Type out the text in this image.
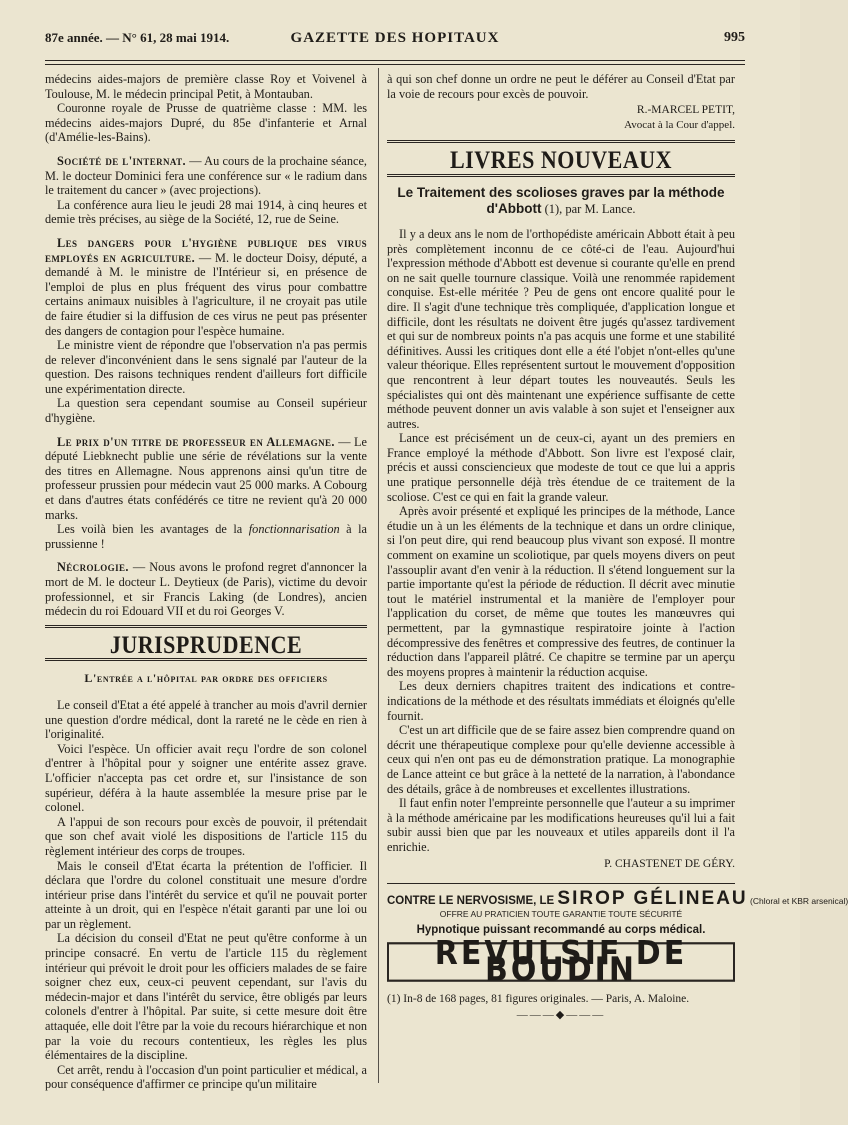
87e année. — N° 61, 28 mai 1914.	GAZETTE DES HOPITAUX	995

médecins aides-majors de première classe Roy et Voivenel à Toulouse, M. le médecin principal Petit, à Montauban.

Couronne royale de Prusse de quatrième classe : MM. les médecins aides-majors Dupré, du 85e d'infanterie et Arnal (d'Amélie-les-Bains).

Société de l'internat. — Au cours de la prochaine séance, M. le docteur Dominici fera une conférence sur « le radium dans le traitement du cancer » (avec projections).

La conférence aura lieu le jeudi 28 mai 1914, à cinq heures et demie très précises, au siège de la Société, 12, rue de Seine.

Les dangers pour l'hygiène publique des virus employés en agriculture. — M. le docteur Doisy, député, a demandé à M. le ministre de l'Intérieur si, en présence de l'emploi de plus en plus fréquent des virus pour combattre certains animaux nuisibles à l'agriculture, il ne croyait pas utile de faire étudier si la diffusion de ces virus ne peut pas présenter des dangers de contagion pour l'espèce humaine.

Le ministre vient de répondre que l'observation n'a pas permis de relever d'inconvénient dans le sens signalé par l'auteur de la question. Des raisons techniques rendent d'ailleurs fort difficile une expérimentation directe.

La question sera cependant soumise au Conseil supérieur d'hygiène.

Le prix d'un titre de professeur en Allemagne. — Le député Liebknecht publie une série de révélations sur la vente des titres en Allemagne. Nous apprenons ainsi qu'un titre de professeur prussien pour médecin vaut 25 000 marks. A Cobourg et dans d'autres états confédérés ce titre ne revient qu'à 20 000 marks.

Les voilà bien les avantages de la fonctionnarisation à la prussienne !

Nécrologie. — Nous avons le profond regret d'annoncer la mort de M. le docteur L. Deytieux (de Paris), victime du devoir professionnel, et sir Francis Laking (de Londres), ancien médecin du roi Edouard VII et du roi Georges V.

JURISPRUDENCE
L'entrée a l'hôpital par ordre des officiers

Le conseil d'Etat a été appelé à trancher au mois d'avril dernier une question d'ordre médical, dont la rareté ne le cède en rien à l'originalité.

Voici l'espèce. Un officier avait reçu l'ordre de son colonel d'entrer à l'hôpital pour y soigner une entérite assez grave. L'officier n'accepta pas cet ordre et, sur l'insistance de son supérieur, déféra à la haute assemblée la mesure prise par le colonel.

A l'appui de son recours pour excès de pouvoir, il prétendait que son chef avait violé les dispositions de l'article 115 du règlement intérieur des corps de troupes.

Mais le conseil d'Etat écarta la prétention de l'officier. Il déclara que l'ordre du colonel constituait une mesure d'ordre intérieur prise dans l'intérêt du service et qu'il ne pouvait porter atteinte à un droit, qui en l'espèce n'était garanti par une loi ou par un règlement.

La décision du conseil d'Etat ne peut qu'être conforme à un principe consacré. En vertu de l'article 115 du règlement intérieur qui prévoit le droit pour les officiers malades de se faire soigner chez eux, ceux-ci peuvent cependant, sur l'avis du médecin-major et dans l'intérêt du service, être obligés par leurs colonels d'entrer à l'hôpital. Par suite, si cette mesure doit être attaquée, elle doit l'être par la voie du recours hiérarchique et non par la voie du recours contentieux, les règles les plus élémentaires de la discipline.

Cet arrêt, rendu à l'occasion d'un point particulier et médical, a pour conséquence d'affirmer ce principe qu'un militaire

à qui son chef donne un ordre ne peut le déférer au Conseil d'Etat par la voie de recours pour excès de pouvoir.

R.-MARCEL PETIT,
Avocat à la Cour d'appel.
LIVRES NOUVEAUX
Le Traitement des scolioses graves par la méthode d'Abbott (1), par M. Lance.

Il y a deux ans le nom de l'orthopédiste américain Abbott était à peu près complètement inconnu de ce côté-ci de l'eau. Aujourd'hui l'expression méthode d'Abbott est devenue si courante qu'elle en prend on ne sait quelle tournure classique. Voilà une renommée rapidement conquise. Est-elle méritée ? Peu de gens ont encore qualité pour le dire. Il s'agit d'une technique très compliquée, d'application longue et difficile, dont les résultats ne doivent être jugés qu'assez tardivement et qui sur de nombreux points n'a pas acquis une forme et une stabilité définitives. Aussi les critiques dont elle a été l'objet n'ont-elles qu'une valeur théorique. Elles représentent surtout le mouvement d'opposition que rencontrent à leur départ toutes les nouveautés. Seuls les spécialistes qui ont dès maintenant une expérience suffisante de cette méthode peuvent donner un avis valable à son sujet et l'enseigner aux autres.

Lance est précisément un de ceux-ci, ayant un des premiers en France employé la méthode d'Abbott. Son livre est l'exposé clair, précis et aussi consciencieux que modeste de tout ce que lui a appris une pratique personnelle déjà très étendue de ce traitement de la scoliose. C'est ce qui en fait la grande valeur.

Après avoir présenté et expliqué les principes de la méthode, Lance étudie un à un les éléments de la technique et dans un ordre clinique, si l'on peut dire, qui rend beaucoup plus vivant son exposé. Il montre comment on examine un scoliotique, par quels moyens divers on peut l'assouplir avant d'en venir à la réduction. Il s'étend longuement sur la partie importante qu'est la période de réduction. Il décrit avec minutie tout le matériel instrumental et la manière de l'employer pour l'application du corset, de même que toutes les manœuvres qui permettent, par la gymnastique respiratoire jointe à l'action décompressive des fenêtres et compressive des feutres, de continuer la réduction dans l'appareil plâtré. Ce chapitre se termine par un aperçu des moyens propres à maintenir la réduction acquise.

Les deux derniers chapitres traitent des indications et contre-indications de la méthode et des résultats immédiats et éloignés qu'elle fournit.

C'est un art difficile que de se faire assez bien comprendre quand on décrit une thérapeutique complexe pour qu'elle devienne accessible à ceux qui n'en ont pas eu de démonstration pratique. La monographie de Lance atteint ce but grâce à la netteté de la narration, à l'abondance des détails, grâce à de nombreuses et excellentes illustrations.

Il faut enfin noter l'empreinte personnelle que l'auteur a su imprimer à la méthode américaine par les modifications heureuses qu'il lui a fait subir aussi bien que par les nouveaux et utiles appareils dont il l'a enrichie.

P. CHASTENET DE GÉRY.
CONTRE LE NERVOSISME, LE SIROP GÉLINEAU (Chloral et KBR arsenical)
OFFRE AU PRATICIEN TOUTE GARANTIE TOUTE SÉCURITÉ
Hypnotique puissant recommandé au corps médical.
REVULSIF DE BOUDIN

(1) In-8 de 168 pages, 81 figures originales. — Paris, A. Maloine.

———◆———
